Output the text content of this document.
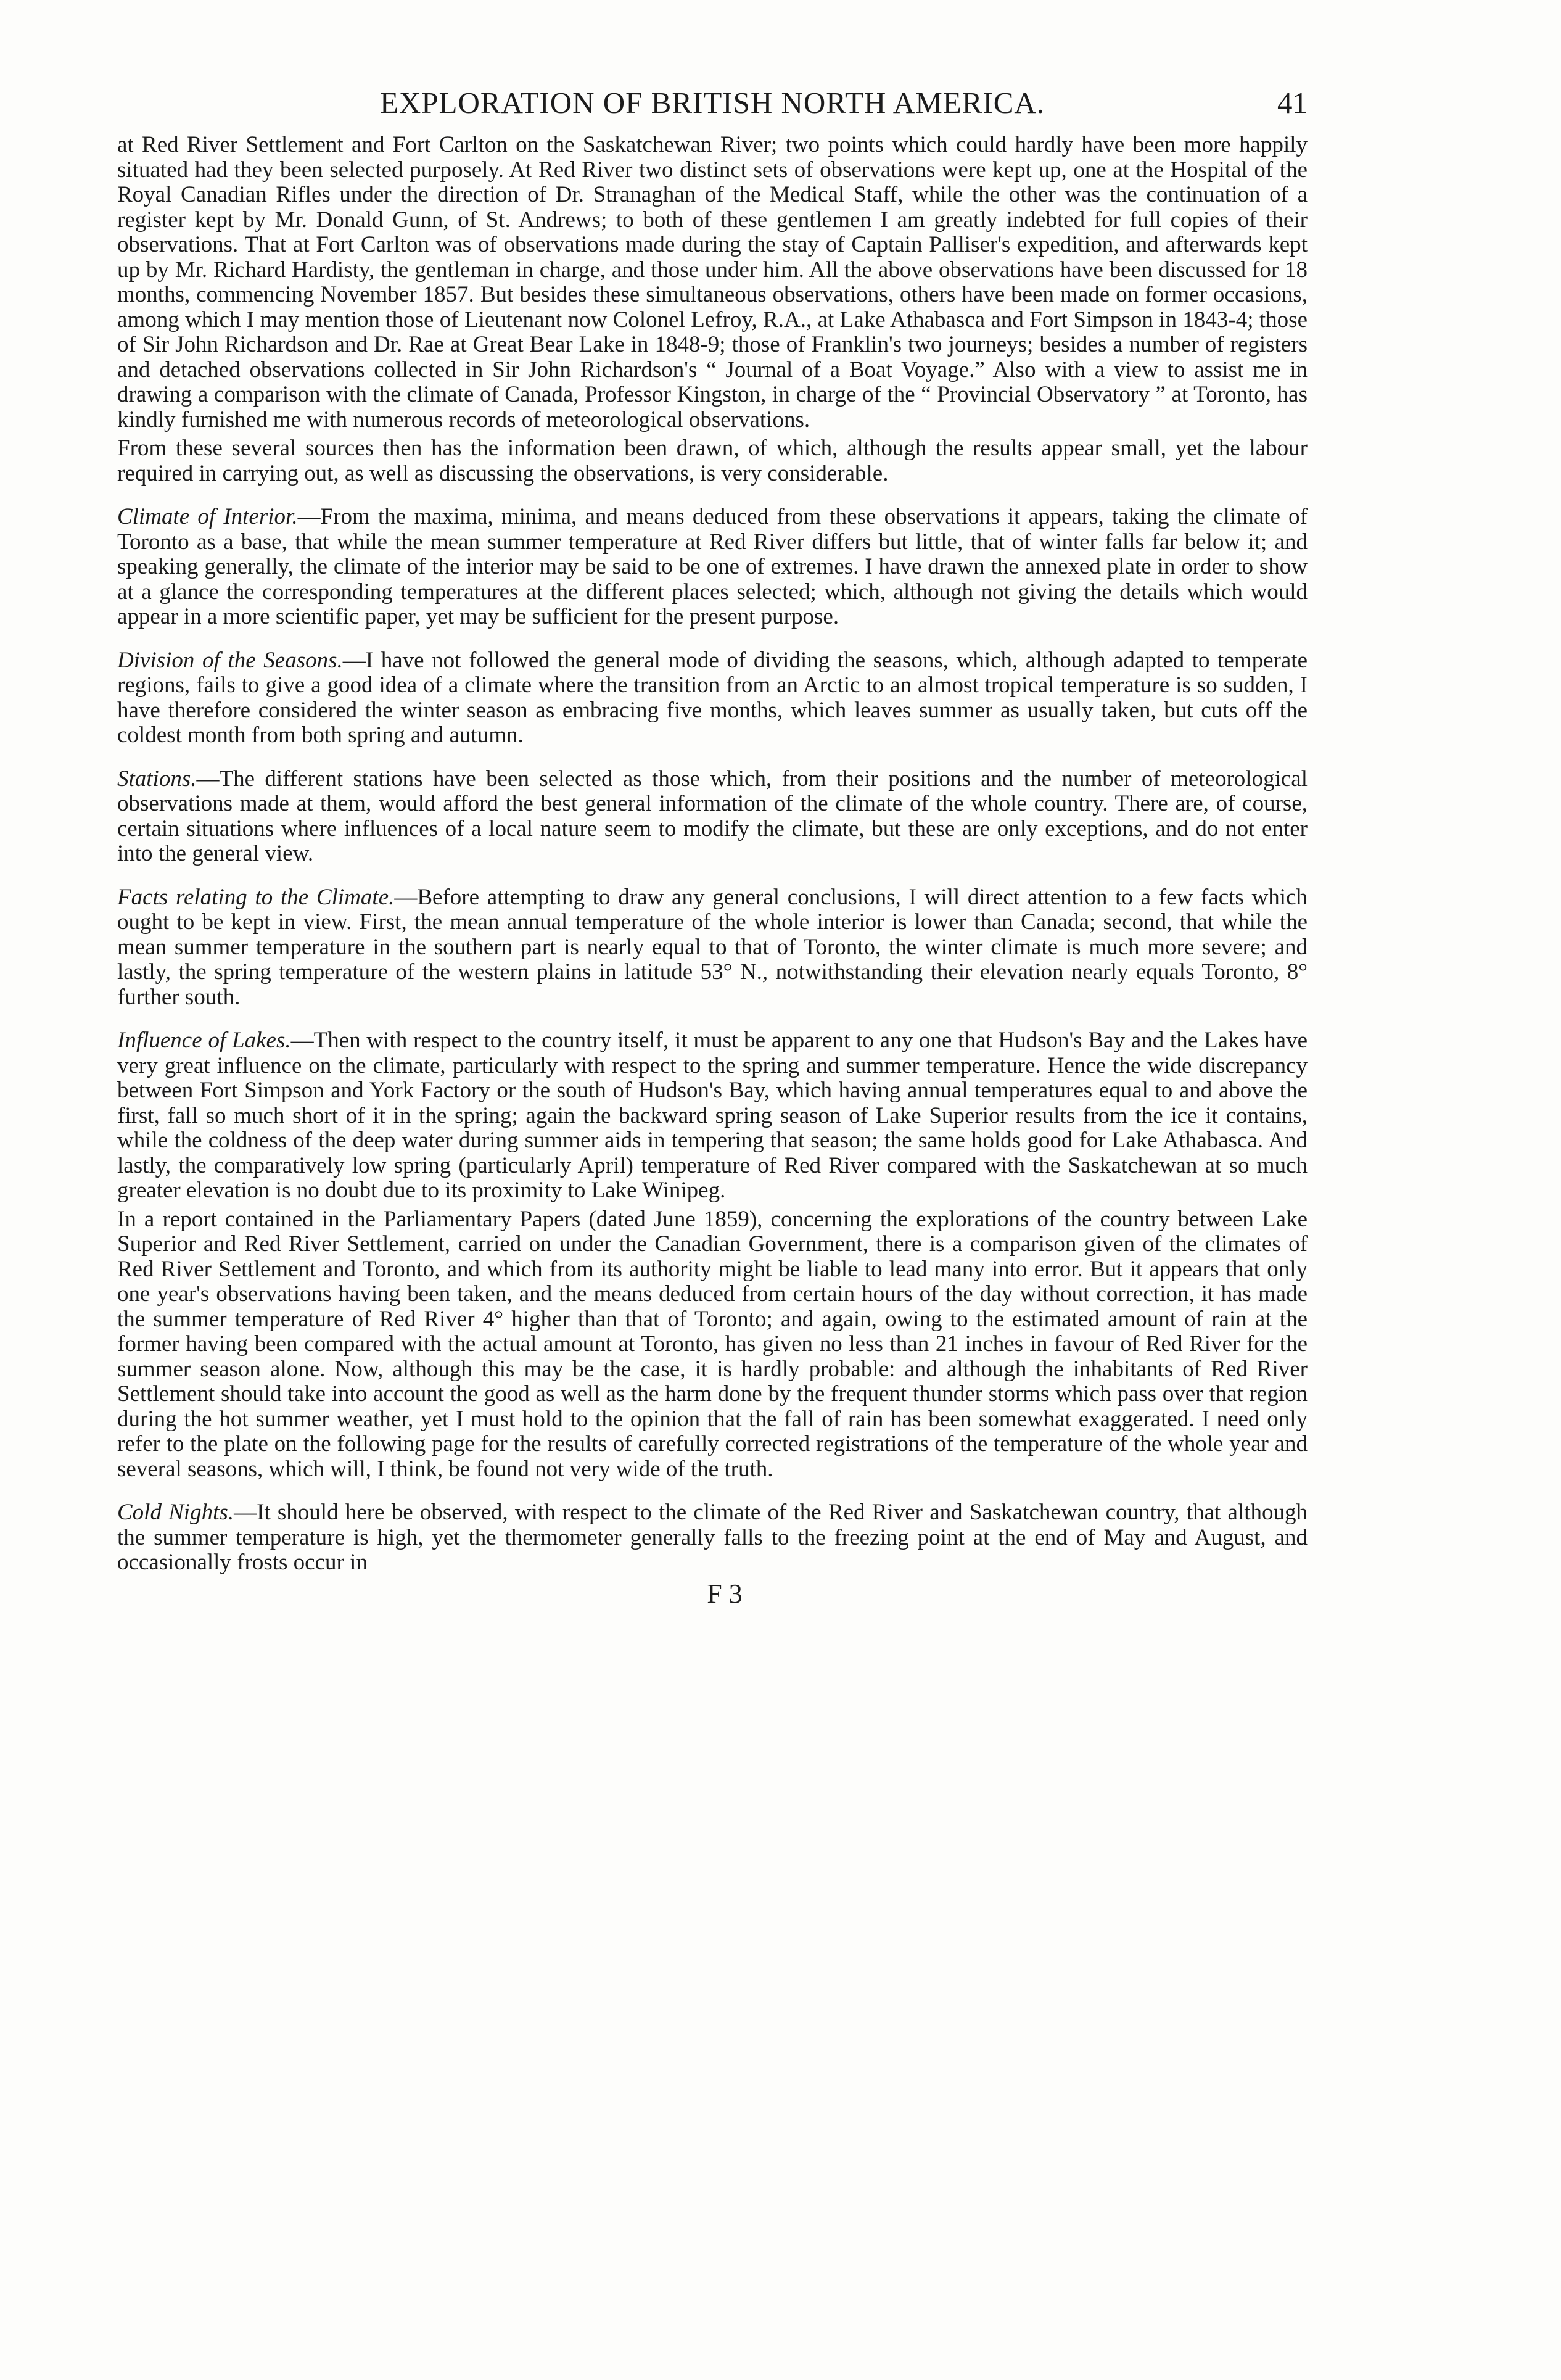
EXPLORATION OF BRITISH NORTH AMERICA.	41

at Red River Settlement and Fort Carlton on the Saskatchewan River; two points which could hardly have been more happily situated had they been selected purposely. At Red River two distinct sets of observations were kept up, one at the Hospital of the Royal Canadian Rifles under the direction of Dr. Stranaghan of the Medical Staff, while the other was the continuation of a register kept by Mr. Donald Gunn, of St. Andrews; to both of these gentlemen I am greatly indebted for full copies of their observations. That at Fort Carlton was of observations made during the stay of Captain Palliser's expedition, and afterwards kept up by Mr. Richard Hardisty, the gentleman in charge, and those under him. All the above observations have been discussed for 18 months, commencing November 1857. But besides these simultaneous observations, others have been made on former occasions, among which I may mention those of Lieutenant now Colonel Lefroy, R.A., at Lake Athabasca and Fort Simpson in 1843-4; those of Sir John Richardson and Dr. Rae at Great Bear Lake in 1848-9; those of Franklin's two journeys; besides a number of registers and detached observations collected in Sir John Richardson's “ Journal of a Boat Voyage.” Also with a view to assist me in drawing a comparison with the climate of Canada, Professor Kingston, in charge of the “ Provincial Observatory ” at Toronto, has kindly furnished me with numerous records of meteorological observations.

From these several sources then has the information been drawn, of which, although the results appear small, yet the labour required in carrying out, as well as discussing the observations, is very considerable.

Climate of Interior.—From the maxima, minima, and means deduced from these observations it appears, taking the climate of Toronto as a base, that while the mean summer temperature at Red River differs but little, that of winter falls far below it; and speaking generally, the climate of the interior may be said to be one of extremes. I have drawn the annexed plate in order to show at a glance the corresponding temperatures at the different places selected; which, although not giving the details which would appear in a more scientific paper, yet may be sufficient for the present purpose.

Division of the Seasons.—I have not followed the general mode of dividing the seasons, which, although adapted to temperate regions, fails to give a good idea of a climate where the transition from an Arctic to an almost tropical temperature is so sudden, I have therefore considered the winter season as embracing five months, which leaves summer as usually taken, but cuts off the coldest month from both spring and autumn.

Stations.—The different stations have been selected as those which, from their positions and the number of meteorological observations made at them, would afford the best general information of the climate of the whole country. There are, of course, certain situations where influences of a local nature seem to modify the climate, but these are only exceptions, and do not enter into the general view.

Facts relating to the Climate.—Before attempting to draw any general conclusions, I will direct attention to a few facts which ought to be kept in view. First, the mean annual temperature of the whole interior is lower than Canada; second, that while the mean summer temperature in the southern part is nearly equal to that of Toronto, the winter climate is much more severe; and lastly, the spring temperature of the western plains in latitude 53° N., notwithstanding their elevation nearly equals Toronto, 8° further south.

Influence of Lakes.—Then with respect to the country itself, it must be apparent to any one that Hudson's Bay and the Lakes have very great influence on the climate, particularly with respect to the spring and summer temperature. Hence the wide discrepancy between Fort Simpson and York Factory or the south of Hudson's Bay, which having annual temperatures equal to and above the first, fall so much short of it in the spring; again the backward spring season of Lake Superior results from the ice it contains, while the coldness of the deep water during summer aids in tempering that season; the same holds good for Lake Athabasca. And lastly, the comparatively low spring (particularly April) temperature of Red River compared with the Saskatchewan at so much greater elevation is no doubt due to its proximity to Lake Winipeg.

In a report contained in the Parliamentary Papers (dated June 1859), concerning the explorations of the country between Lake Superior and Red River Settlement, carried on under the Canadian Government, there is a comparison given of the climates of Red River Settlement and Toronto, and which from its authority might be liable to lead many into error. But it appears that only one year's observations having been taken, and the means deduced from certain hours of the day without correction, it has made the summer temperature of Red River 4° higher than that of Toronto; and again, owing to the estimated amount of rain at the former having been compared with the actual amount at Toronto, has given no less than 21 inches in favour of Red River for the summer season alone. Now, although this may be the case, it is hardly probable: and although the inhabitants of Red River Settlement should take into account the good as well as the harm done by the frequent thunder storms which pass over that region during the hot summer weather, yet I must hold to the opinion that the fall of rain has been somewhat exaggerated. I need only refer to the plate on the following page for the results of carefully corrected registrations of the temperature of the whole year and several seasons, which will, I think, be found not very wide of the truth.

Cold Nights.—It should here be observed, with respect to the climate of the Red River and Saskatchewan country, that although the summer temperature is high, yet the thermometer generally falls to the freezing point at the end of May and August, and occasionally frosts occur in

F 3
